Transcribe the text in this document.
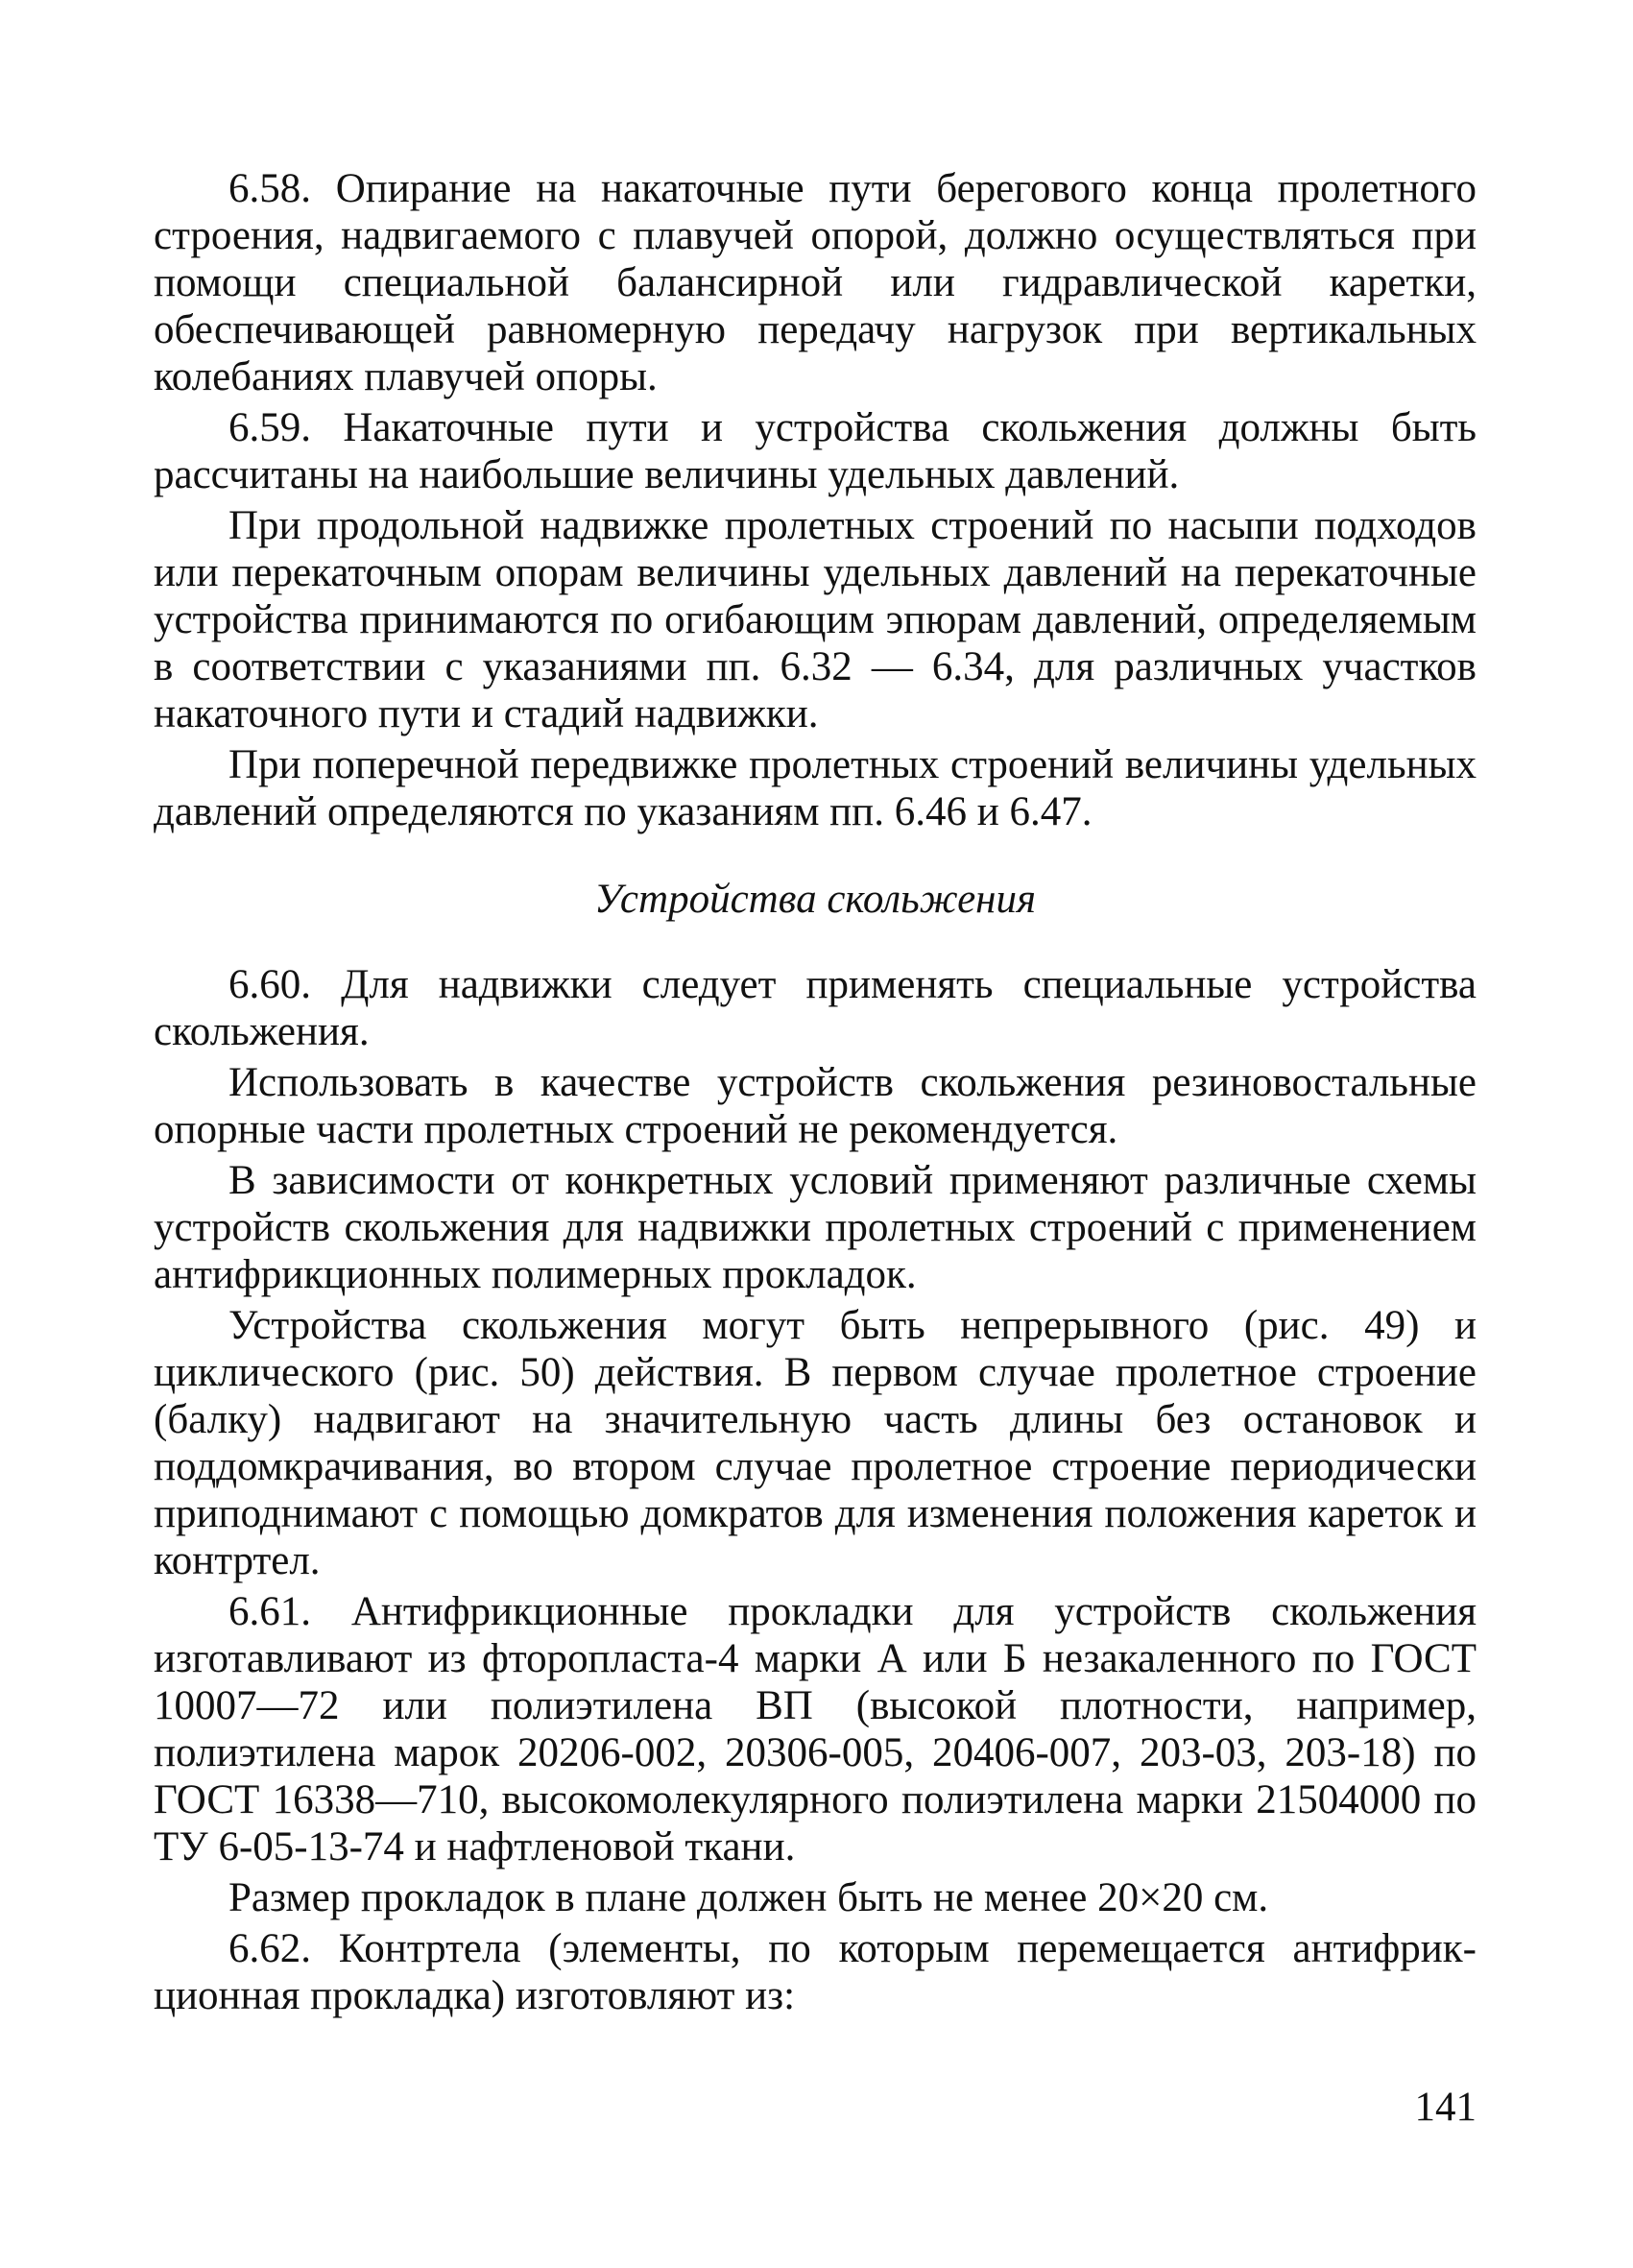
6.58. Опирание на накаточные пути берегового конца пролетного строения, надвигаемого с плавучей опорой, должно осуществляться при помощи специальной балансирной или гидравлической каретки, обеспечивающей равномерную передачу нагрузок при вертикальных колебаниях плавучей опоры.

6.59. Накаточные пути и устройства скольжения должны быть рассчитаны на наибольшие величины удельных давлений.

При продольной надвижке пролетных строений по насыпи подходов или перекаточным опорам величины удельных давлений на перекаточные устройства принимаются по огибающим эпюрам давлений, определяемым в соответствии с указаниями пп. 6.32 — 6.34, для различных участков накаточного пути и стадий надвижки.

При поперечной передвижке пролетных строений величины удельных давлений определяются по указаниям пп. 6.46 и 6.47.

Устройства скольжения

6.60. Для надвижки следует применять специальные устройства скольжения.

Использовать в качестве устройств скольжения резиновостальные опорные части пролетных строений не рекомендуется.

В зависимости от конкретных условий применяют различные схемы устройств скольжения для надвижки пролетных строений с применением антифрикционных полимерных прокладок.

Устройства скольжения могут быть непрерывного (рис. 49) и циклического (рис. 50) действия. В первом случае пролетное строение (балку) надвигают на значительную часть длины без остановок и поддомкрачивания, во втором случае пролетное строение периодически приподнимают с помощью домкратов для изменения положения кареток и контртел.

6.61. Антифрикционные прокладки для устройств скольжения изготавливают из фторопласта-4 марки А или Б незакаленного по ГОСТ 10007—72 или полиэтилена ВП (высокой плотности, например, полиэтилена марок 20206-002, 20306-005, 20406-007, 203-03, 203-18) по ГОСТ 16338—710, высокомолекулярного полиэтилена марки 21504000 по ТУ 6-05-13-74 и нафтленовой ткани.

Размер прокладок в плане должен быть не менее 20×20 см.

6.62. Контртела (элементы, по которым перемещается антифрикционная прокладка) изготовляют из:

141
